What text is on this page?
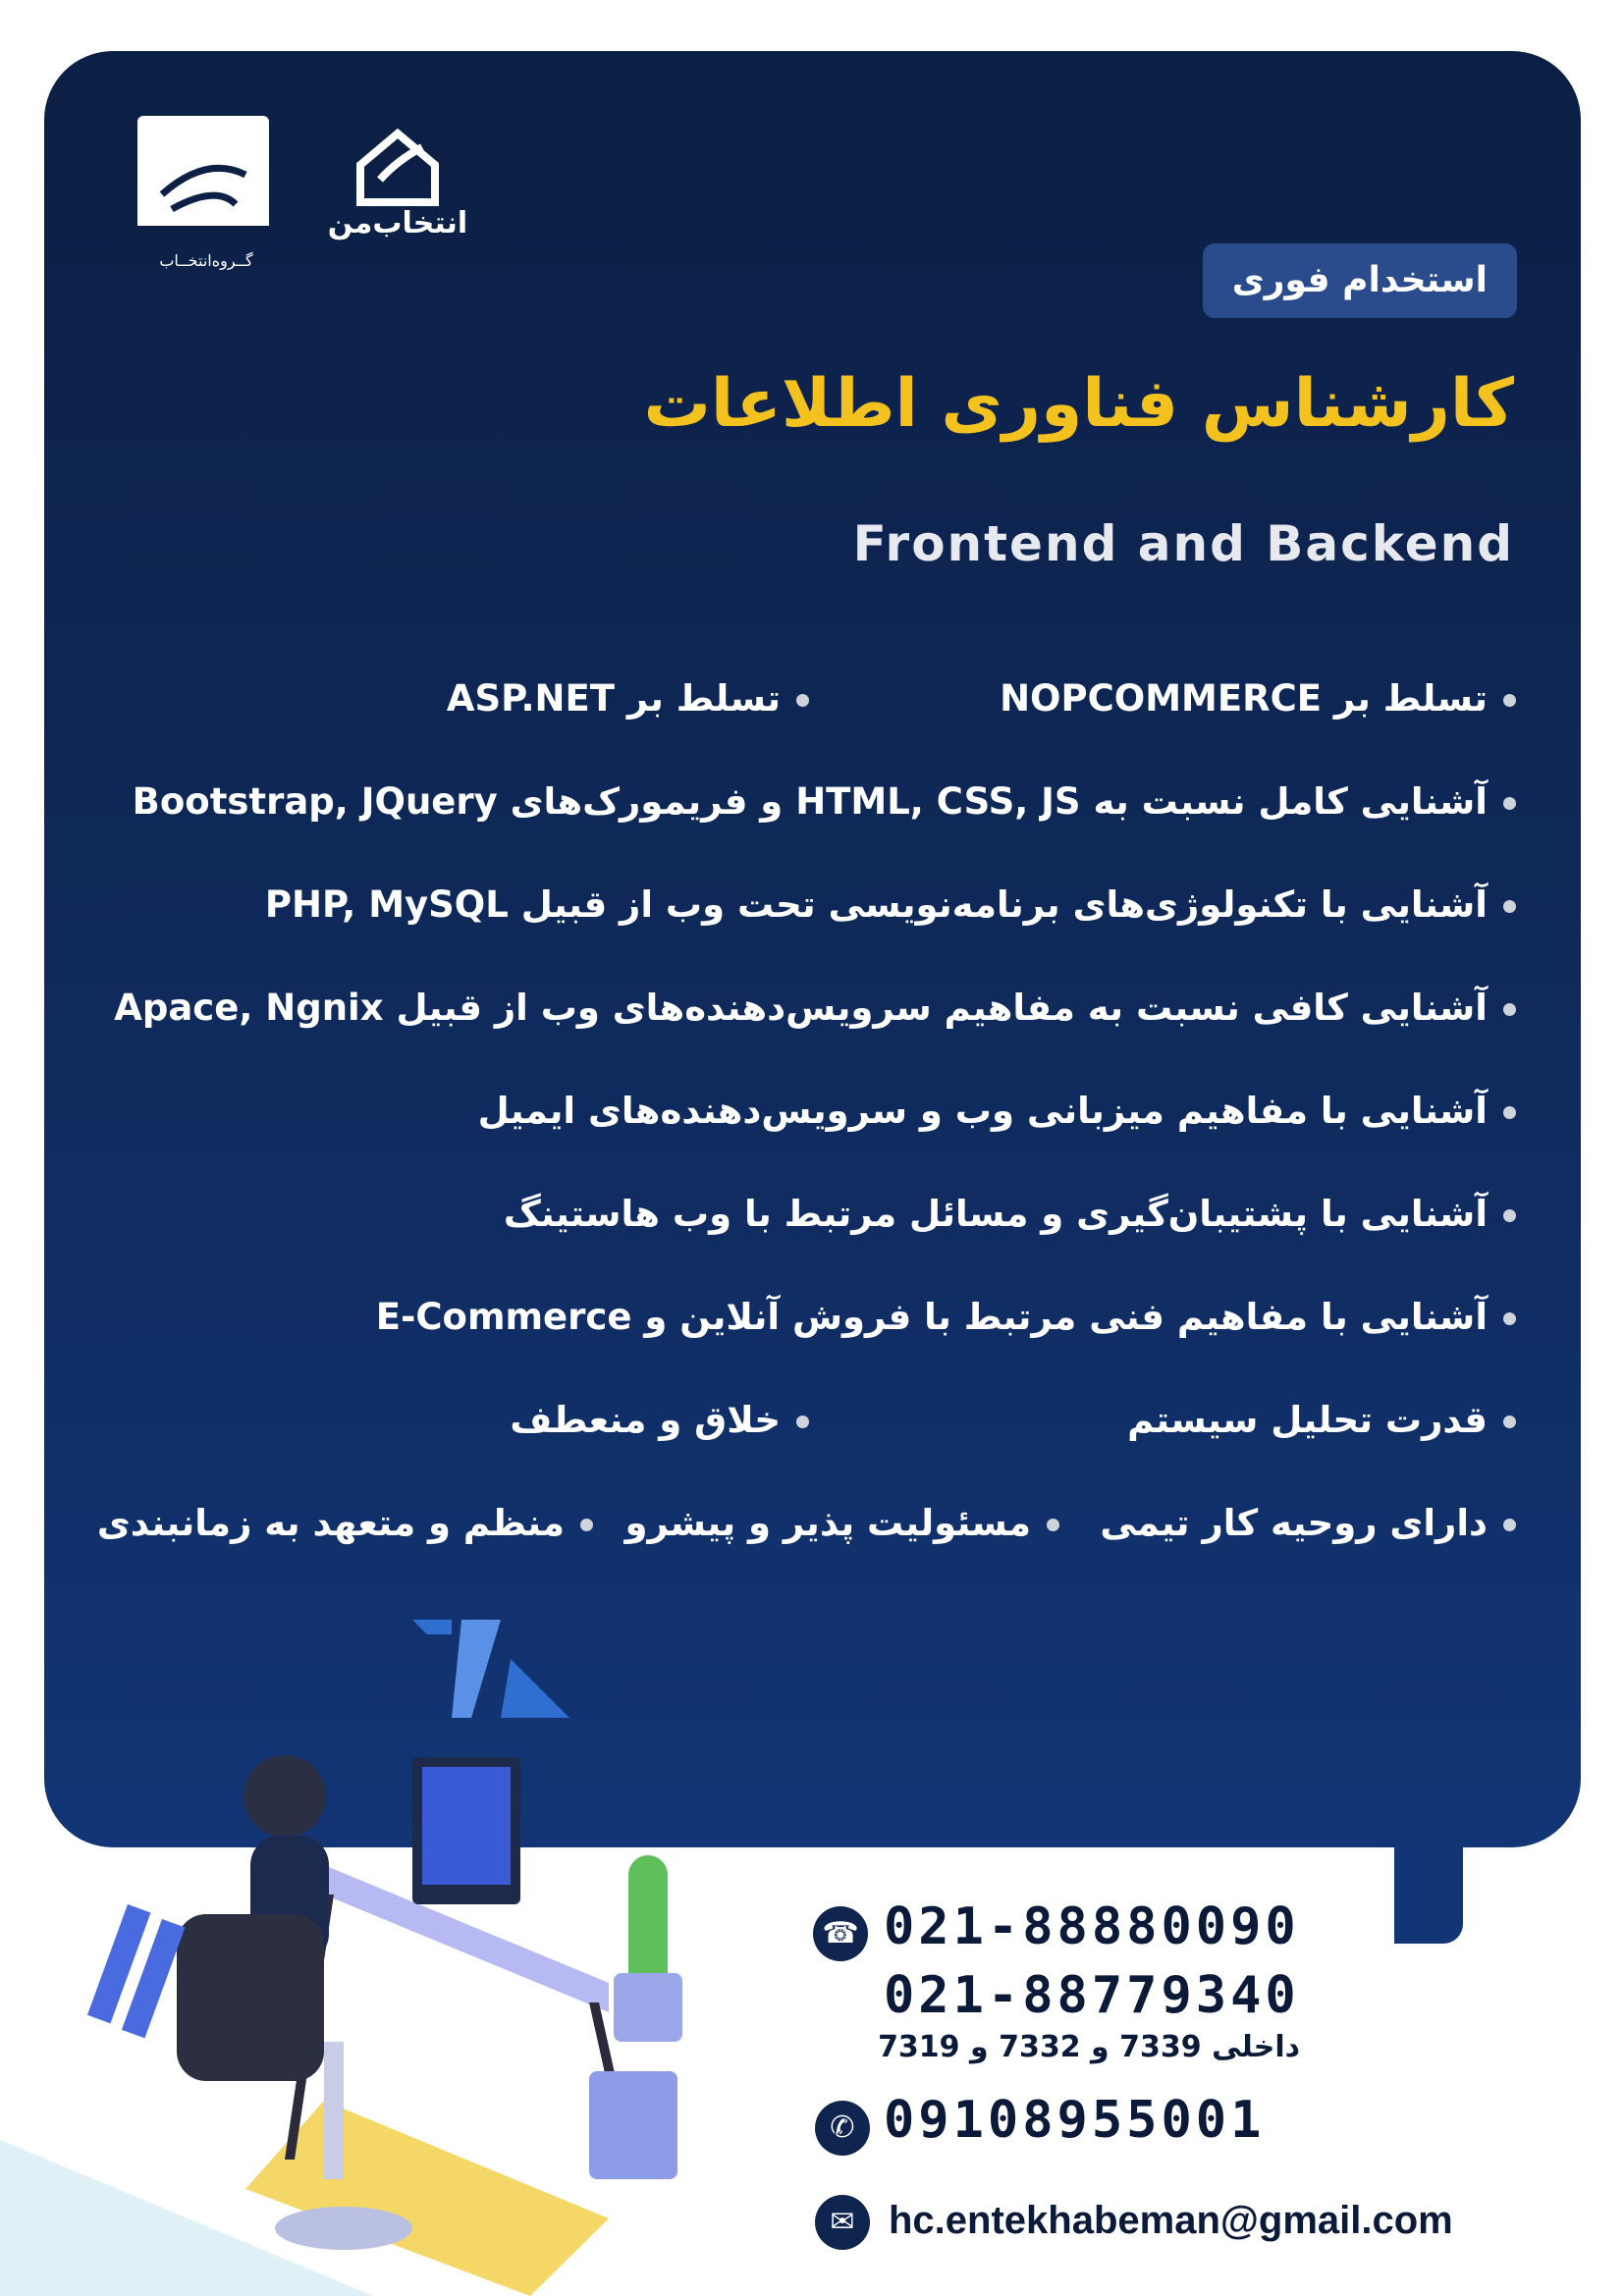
گــروه‌انتخــاب
انتخاب‌من
استخدام فوری
کارشناس فناوری اطلاعات
Frontend and Backend
تسلط بر NOPCOMMERCE
تسلط بر ASP.NET
آشنایی کامل نسبت به HTML, CSS, JS و فریمورک‌های Bootstrap, JQuery
آشنایی با تکنولوژی‌های برنامه‌نویسی تحت وب از قبیل PHP, MySQL
آشنایی کافی نسبت به مفاهیم سرویس‌دهنده‌های وب از قبیل Apace, Ngnix
آشنایی با مفاهیم میزبانی وب و سرویس‌دهنده‌های ایمیل
آشنایی با پشتیبان‌گیری و مسائل مرتبط با وب هاستینگ
آشنایی با مفاهیم فنی مرتبط با فروش آنلاین و E-Commerce
قدرت تحلیل سیستم
خلاق و منعطف
دارای روحیه کار تیمی
مسئولیت پذیر و پیشرو
منظم و متعهد به زمانبندی
☎ 021-88880090
021-88779340
داخلی 7339 و 7332 و 7319
✆ 09108955001
✉ hc.entekhabeman@gmail.com
